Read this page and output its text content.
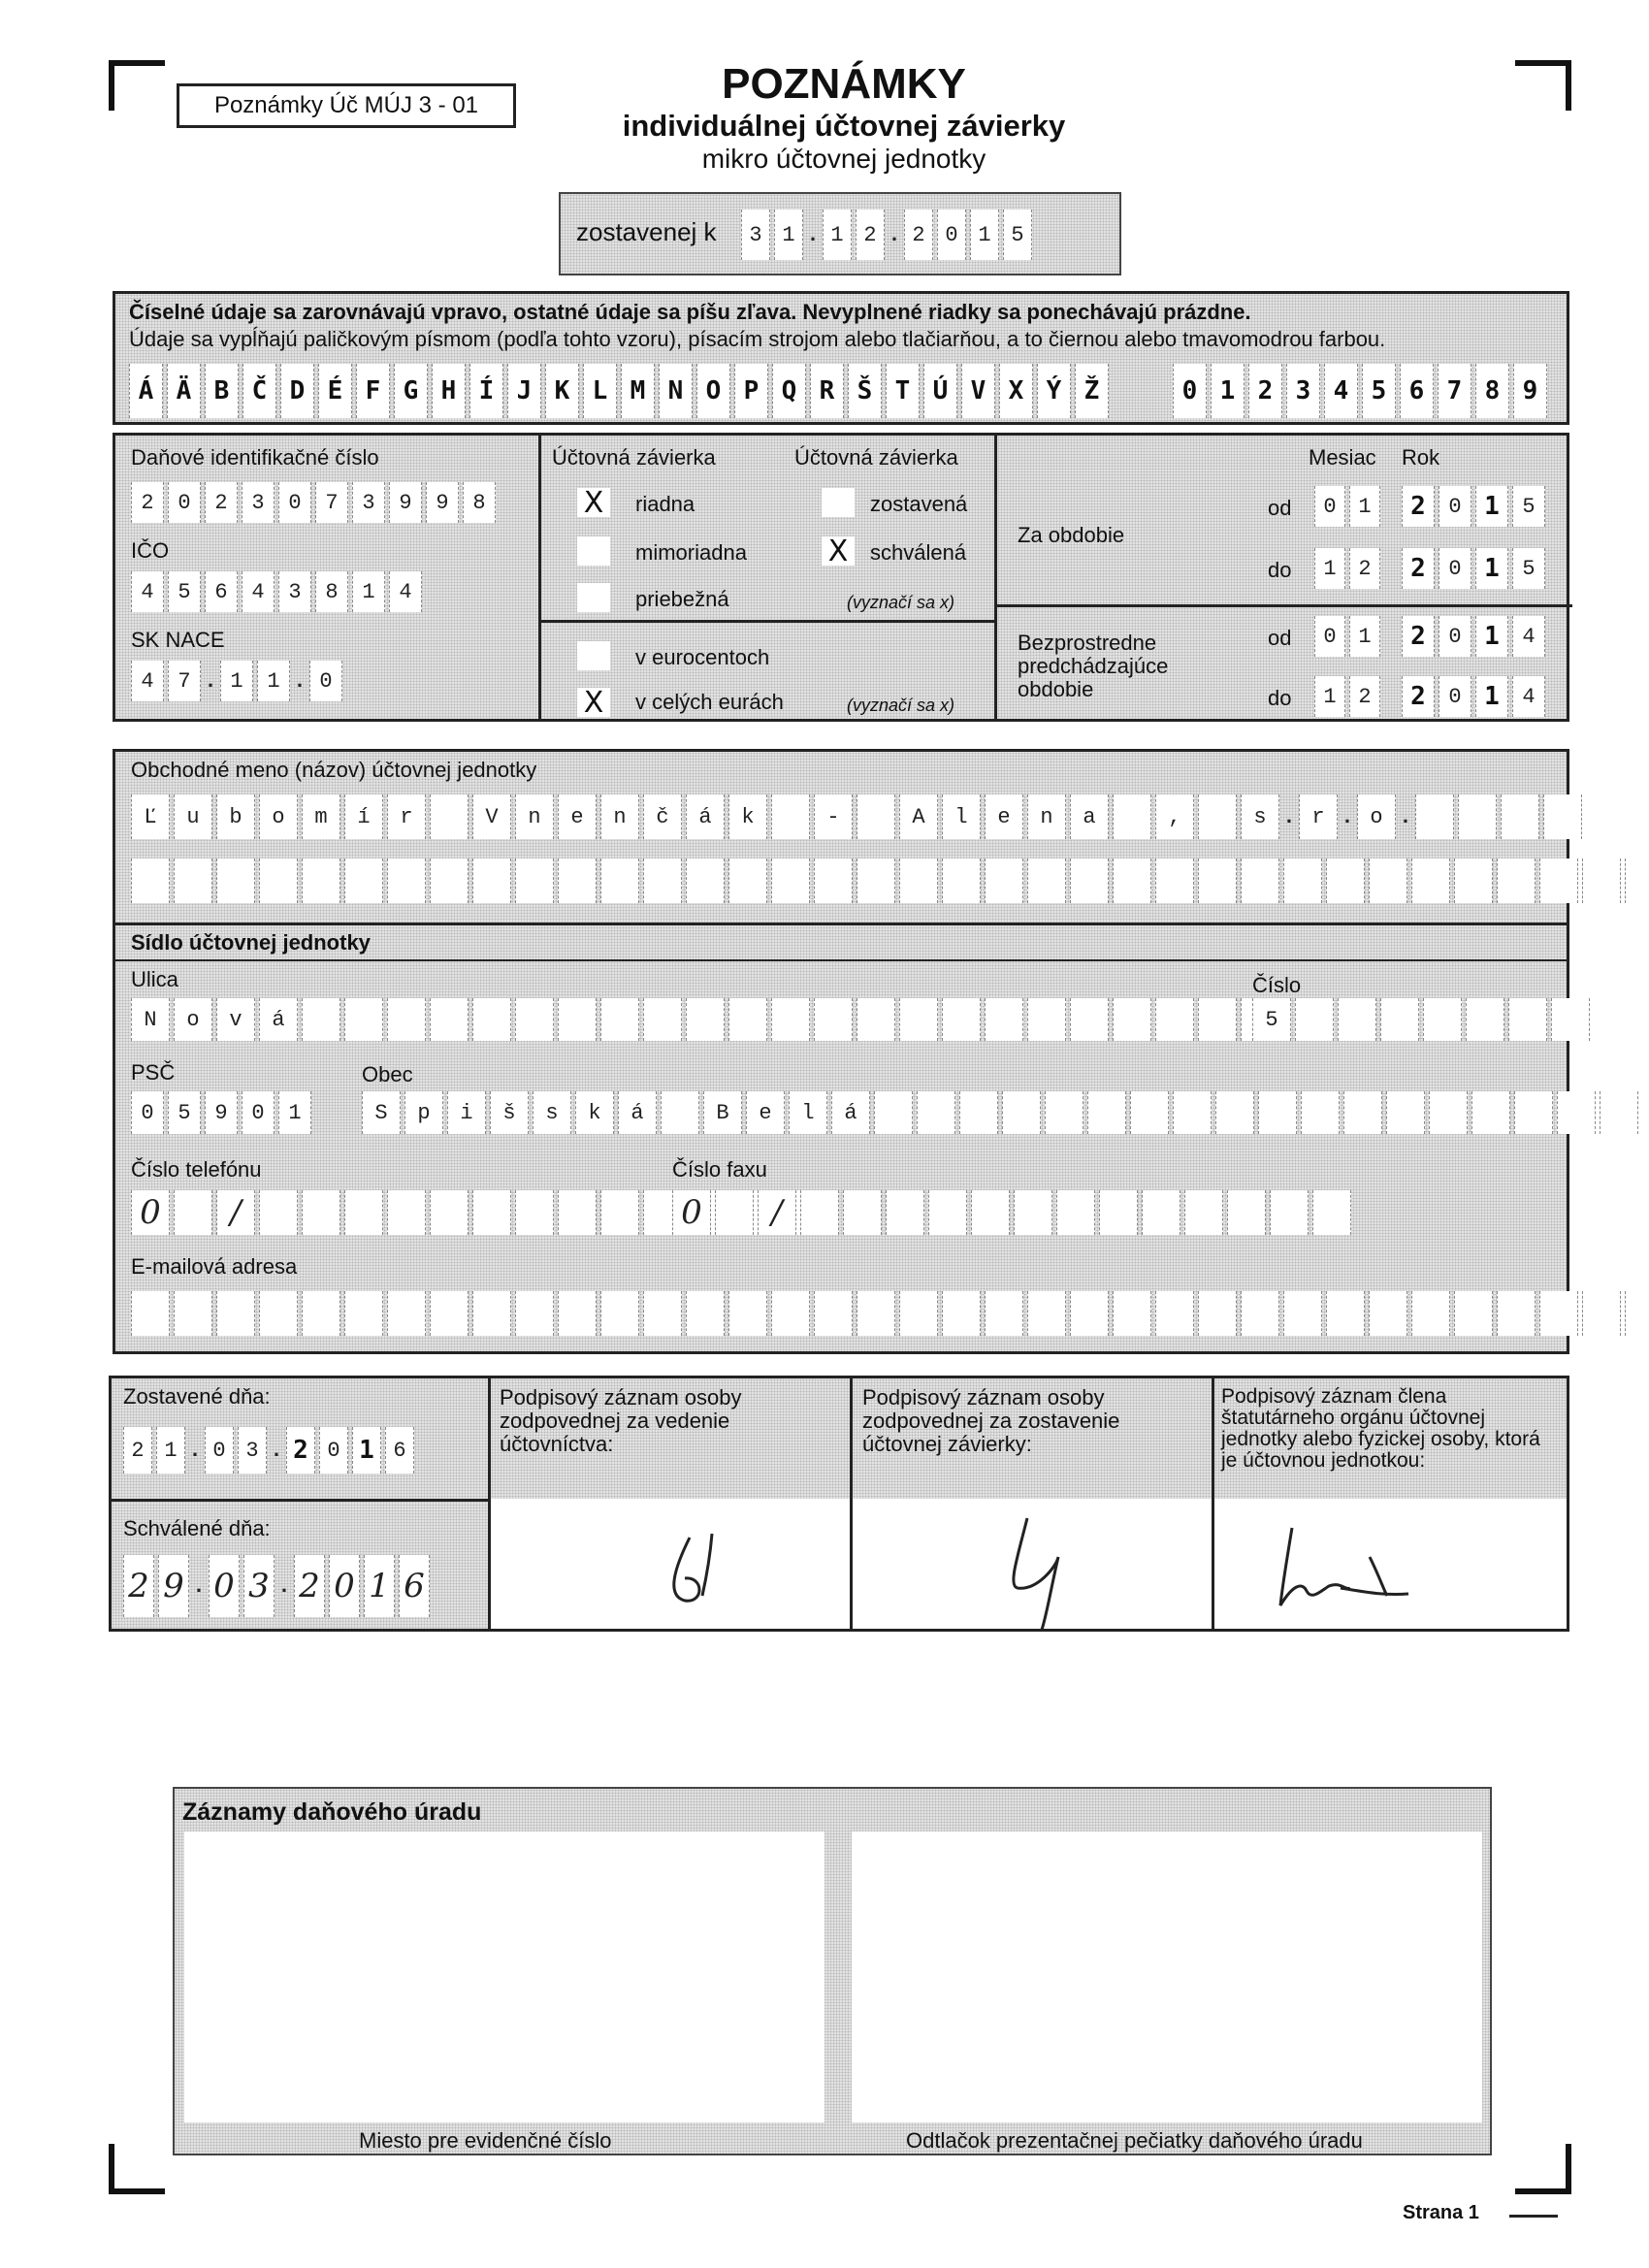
Poznámky Úč MÚJ 3 - 01	POZNÁMKY
individuálnej účtovnej závierky
mikro účtovnej jednotky
zostavenej k	3 1 . 1 2 . 2 0 1 5
Číselné údaje sa zarovnávajú vpravo, ostatné údaje sa píšu zľava. Nevyplnené riadky sa ponechávajú prázdne.
Údaje sa vypĺňajú paličkovým písmom (podľa tohto vzoru), písacím strojom alebo tlačiarňou, a to čiernou alebo tmavomodrou farbou.
Á Ä B Č D É F G H Í J K L M N O P Q R Š T Ú V X Ý Ž	0 1 2 3 4 5 6 7 8 9
Daňové identifikačné číslo
2	0	2	3	0	7	3	9	9	8
IČO
4	5	6	4	3	8	1	4
SK NACE
4	7 . 1	1 . 0
Účtovná závierka	Účtovná závierka
X riadna
mimoriadna
priebežná
zostavená
X schválená
(vyznačí sa x)
v eurocentoch
X v celých eurách	(vyznačí sa x)
Mesiac Rok
Za obdobie
od	0	1	2	0 1	5
do	1	2	2	0 1	5
Bezprostredne
predchádzajúce
obdobie
od	0	1	2	0 1	4
do	1	2	2	0 1	4
Obchodné meno (názov) účtovnej jednotky
Ľ	u	b	o	m	í	r	V	n	e	n	č	á	k	-	A	l	e	n	a	,	s . r . o .
Sídlo účtovnej jednotky
Ulica
N	o	v	á
Číslo
5
PSČ	Obec
0	5	9	0	1	S	p	i	š	s	k	á	B	e	l	á
Číslo telefónu
0	/
Číslo faxu
0	/
E-mailová adresa
Zostavené dňa:
2 1 . 0 3 . 2 0 1 6
Schválené dňa:
2 9 . 0 3 . 2 0 1 6
Podpisový záznam osoby zodpovednej za vedenie účtovníctva:
Podpisový záznam osoby zodpovednej za zostavenie účtovnej závierky:
Podpisový záznam člena štatutárneho orgánu účtovnej jednotky alebo fyzickej osoby, ktorá je účtovnou jednotkou:
Záznamy daňového úradu
Miesto pre evidenčné číslo	Odtlačok prezentačnej pečiatky daňového úradu
Strana 1
